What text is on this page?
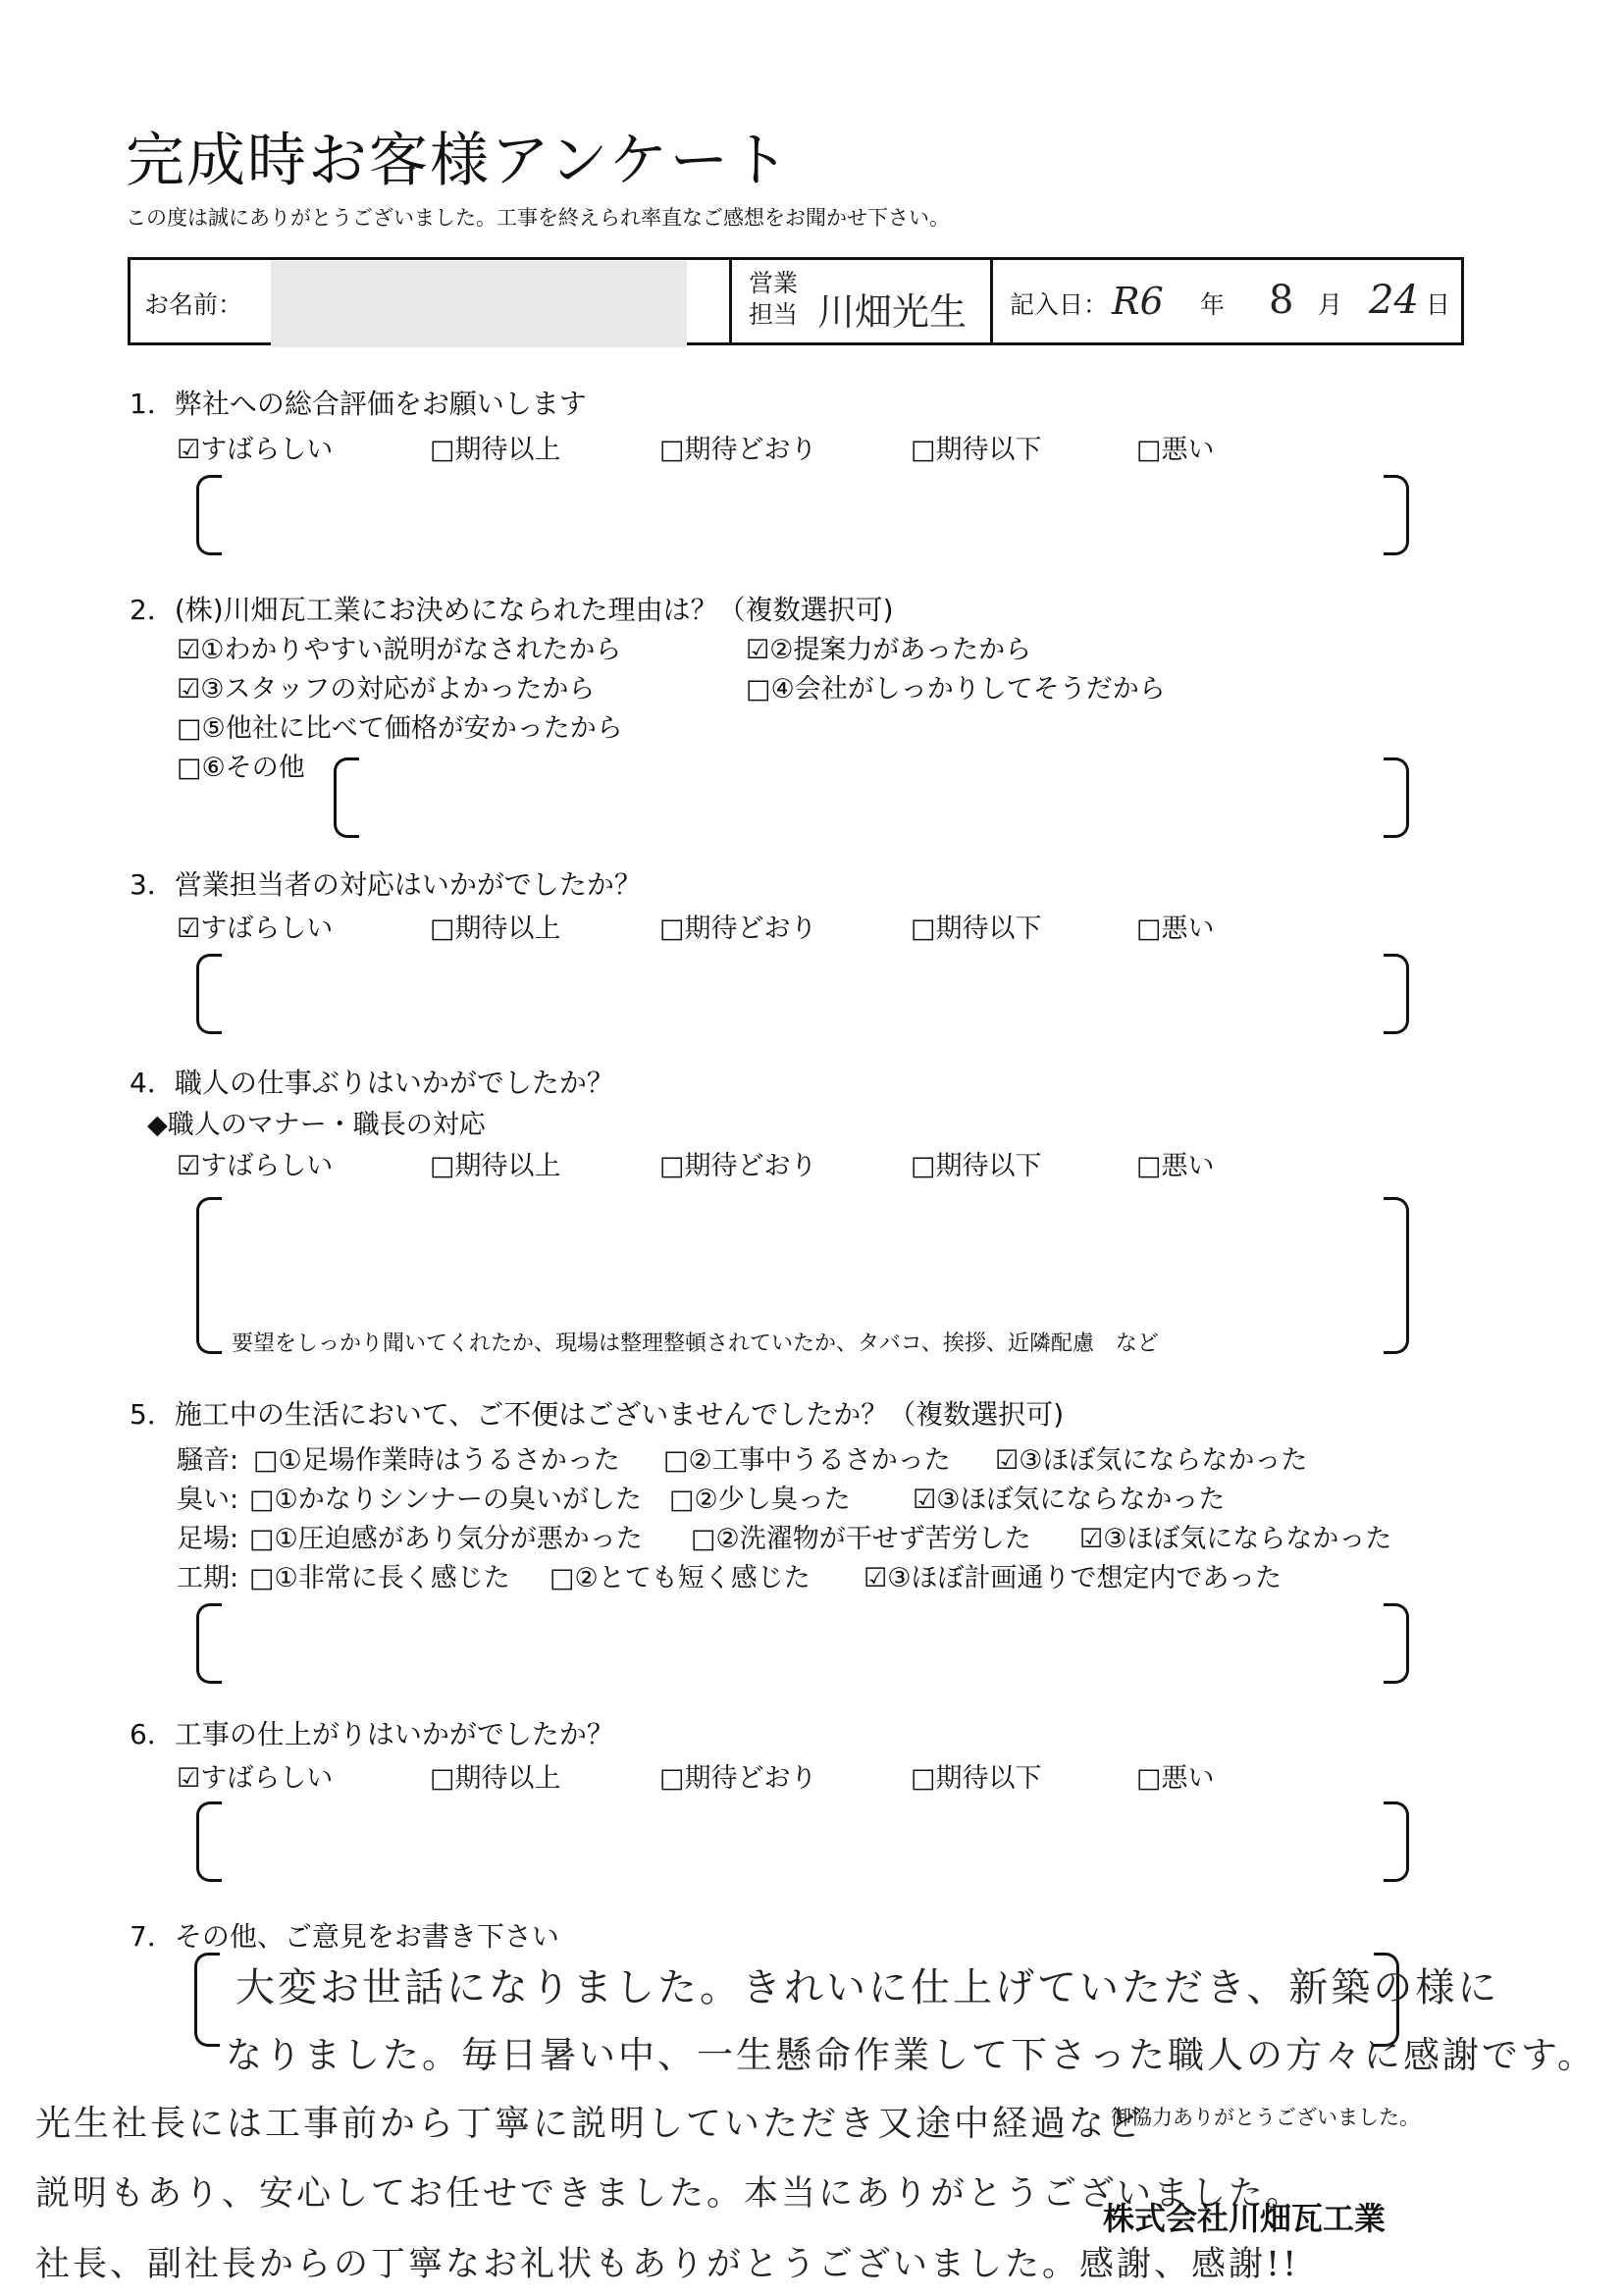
完成時お客様アンケート
この度は誠にありがとうございました。工事を終えられ率直なご感想をお聞かせ下さい。
お名前：
営業担当 川畑光生 記入日： R6 年 8 月 24 日
1．弊社への総合評価をお願いします
☑すばらしい	□期待以上	□期待どおり	□期待以下	□悪い
2．(株)川畑瓦工業にお決めになられた理由は？（複数選択可)
☑①わかりやすい説明がなされたから	☑②提案力があったから
☑③スタッフの対応がよかったから	□④会社がしっかりしてそうだから
□⑤他社に比べて価格が安かったから
□⑥その他
3．営業担当者の対応はいかがでしたか？
☑すばらしい	□期待以上	□期待どおり	□期待以下	□悪い
4．職人の仕事ぶりはいかがでしたか？
◆職人のマナー・職長の対応
☑すばらしい	□期待以上	□期待どおり	□期待以下	□悪い
要望をしっかり聞いてくれたか、現場は整理整頓されていたか、タバコ、挨拶、近隣配慮　など
5．施工中の生活において、ご不便はございませんでしたか？（複数選択可)
騒音: □①足場作業時はうるさかった □②工事中うるさかった ☑③ほぼ気にならなかった
臭い: □①かなりシンナーの臭いがした □②少し臭った ☑③ほぼ気にならなかった
足場: □①圧迫感があり気分が悪かった □②洗濯物が干せず苦労した ☑③ほぼ気にならなかった
工期: □①非常に長く感じた □②とても短く感じた ☑③ほぼ計画通りで想定内であった
6．工事の仕上がりはいかがでしたか？
☑すばらしい	□期待以上	□期待どおり	□期待以下	□悪い
7．その他、ご意見をお書き下さい
大変お世話になりました。きれいに仕上げていただき、新築の様に
なりました。毎日暑い中、一生懸命作業して下さった職人の方々に感謝です。
光生社長には工事前から丁寧に説明していただき又途中経過など
説明もあり、安心してお任せできました。本当にありがとうございました。
社長、副社長からの丁寧なお礼状もありがとうございました。感謝、感謝!!
御協力ありがとうございました。
株式会社川畑瓦工業
